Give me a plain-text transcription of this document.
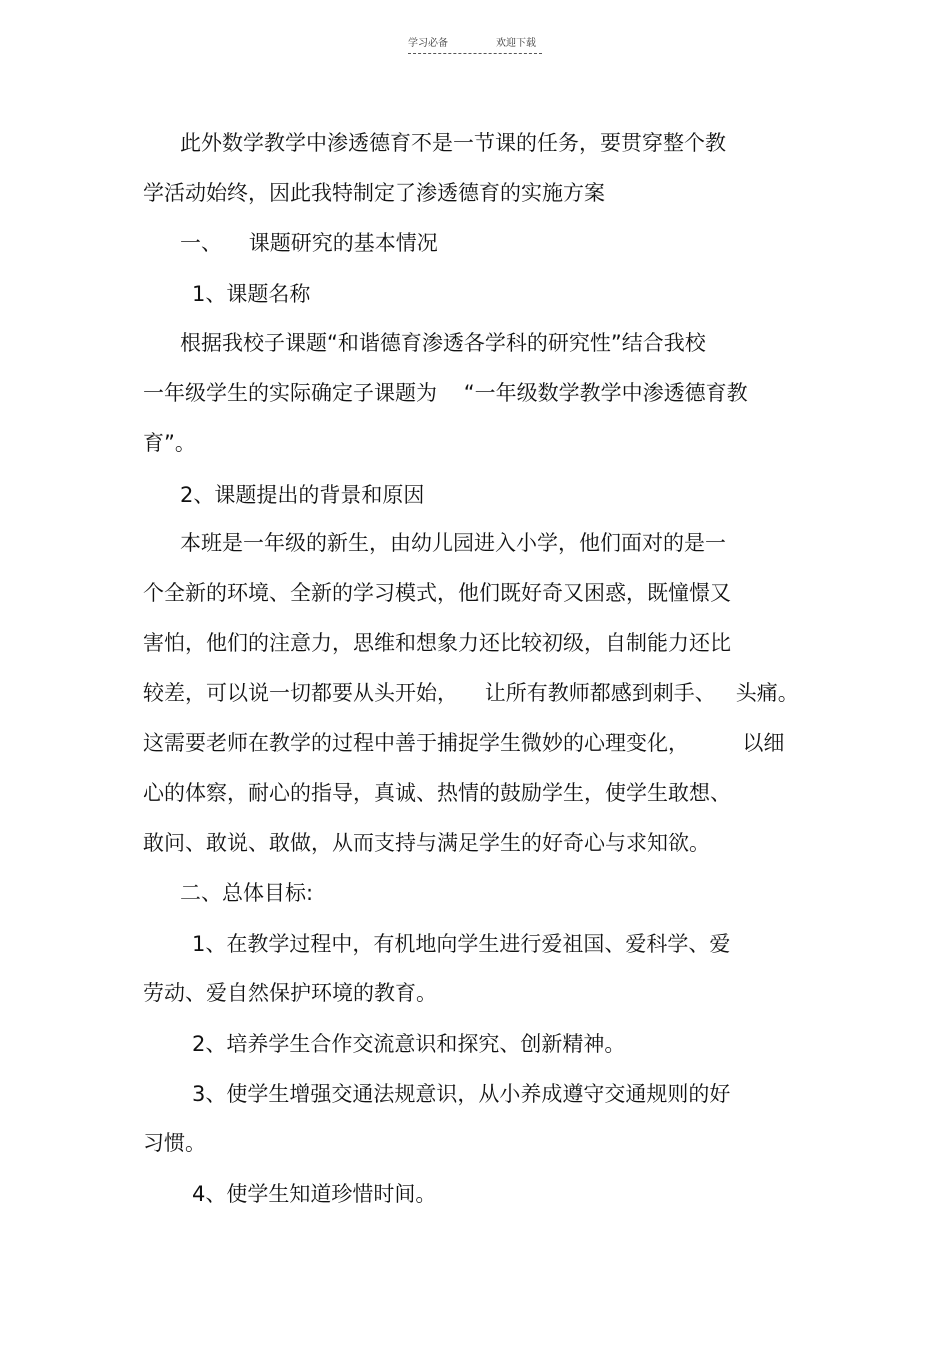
学习必备	欢迎下载
此外数学教学中渗透德育不是一节课的任务，要贯穿整个教
学活动始终，因此我特制定了渗透德育的实施方案
一、    课题研究的基本情况
1、课题名称
根据我校子课题“和谐德育渗透各学科的研究性”结合我校
一年级学生的实际确定子课题为    “一年级数学教学中渗透德育教
育”。
2、课题提出的背景和原因
本班是一年级的新生，由幼儿园进入小学，他们面对的是一
个全新的环境、全新的学习模式，他们既好奇又困惑，既憧憬又
害怕，他们的注意力，思维和想象力还比较初级，自制能力还比
较差，可以说一切都要从头开始，    让所有教师都感到刺手、   头痛。
这需要老师在教学的过程中善于捕捉学生微妙的心理变化，        以细
心的体察，耐心的指导，真诚、热情的鼓励学生，使学生敢想、
敢问、敢说、敢做，从而支持与满足学生的好奇心与求知欲。
二、总体目标:
1、在教学过程中，有机地向学生进行爱祖国、爱科学、爱
劳动、爱自然保护环境的教育。
2、培养学生合作交流意识和探究、创新精神。
3、使学生增强交通法规意识，从小养成遵守交通规则的好
习惯。
4、使学生知道珍惜时间。
